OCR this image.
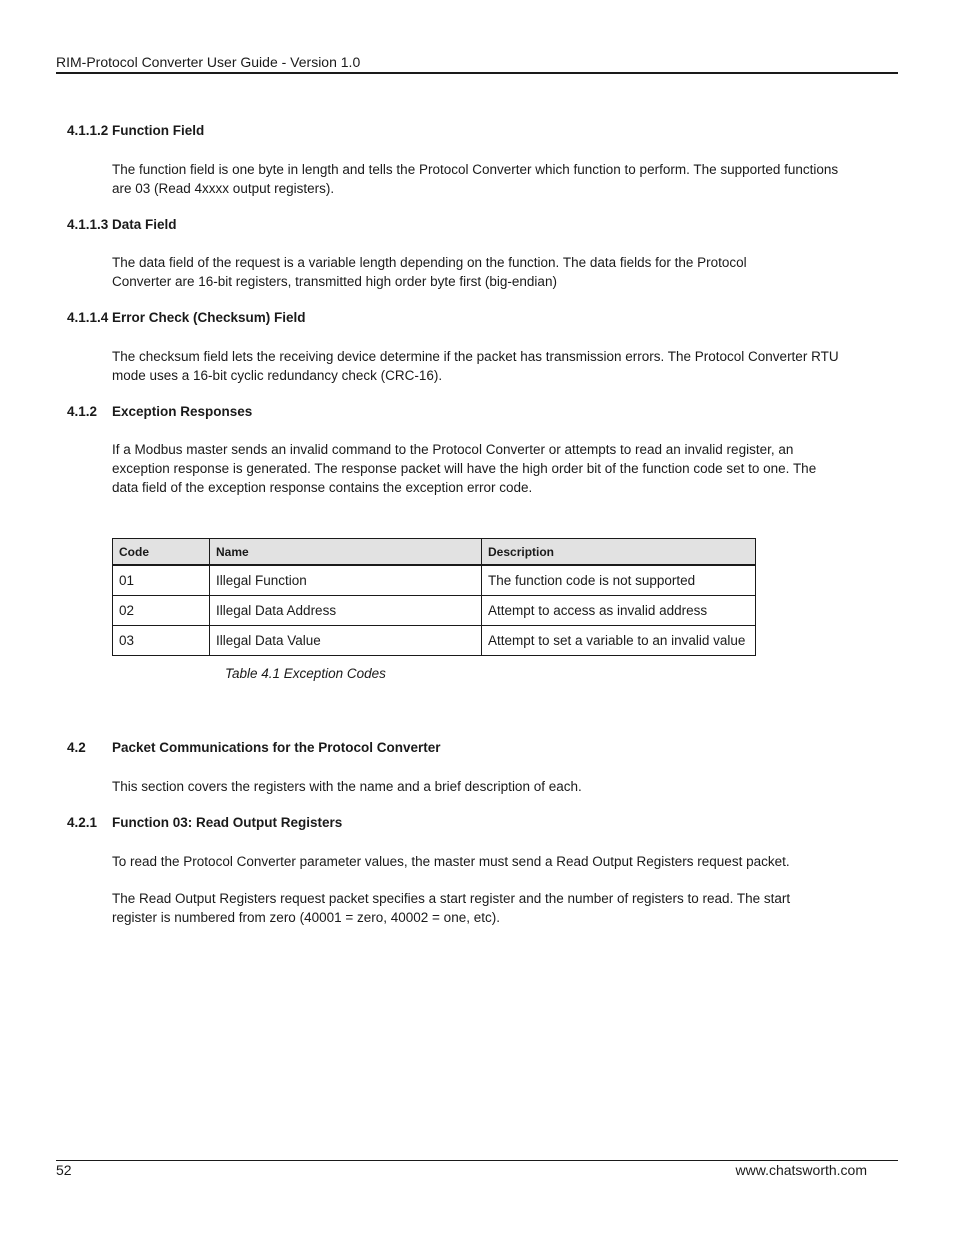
RIM-Protocol Converter User Guide - Version 1.0
4.1.1.2 Function Field
The function field is one byte in length and tells the Protocol Converter which function to perform. The supported functions are 03 (Read 4xxxx output registers).
4.1.1.3 Data Field
The data field of the request is a variable length depending on the function. The data fields for the Protocol Converter are 16-bit registers, transmitted high order byte first (big-endian)
4.1.1.4 Error Check (Checksum) Field
The checksum field lets the receiving device determine if the packet has transmission errors. The Protocol Converter RTU mode uses a 16-bit cyclic redundancy check (CRC-16).
4.1.2 Exception Responses
If a Modbus master sends an invalid command to the Protocol Converter or attempts to read an invalid register, an exception response is generated. The response packet will have the high order bit of the function code set to one. The data field of the exception response contains the exception error code.
Code	Name	Description
01	Illegal Function	The function code is not supported
02	Illegal Data Address	Attempt to access as invalid address
03	Illegal Data Value	Attempt to set a variable to an invalid value
Table 4.1 Exception Codes
4.2 Packet Communications for the Protocol Converter
This section covers the registers with the name and a brief description of each.
4.2.1 Function 03: Read Output Registers
To read the Protocol Converter parameter values, the master must send a Read Output Registers request packet.
The Read Output Registers request packet specifies a start register and the number of registers to read. The start register is numbered from zero (40001 = zero, 40002 = one, etc).
52	www.chatsworth.com
